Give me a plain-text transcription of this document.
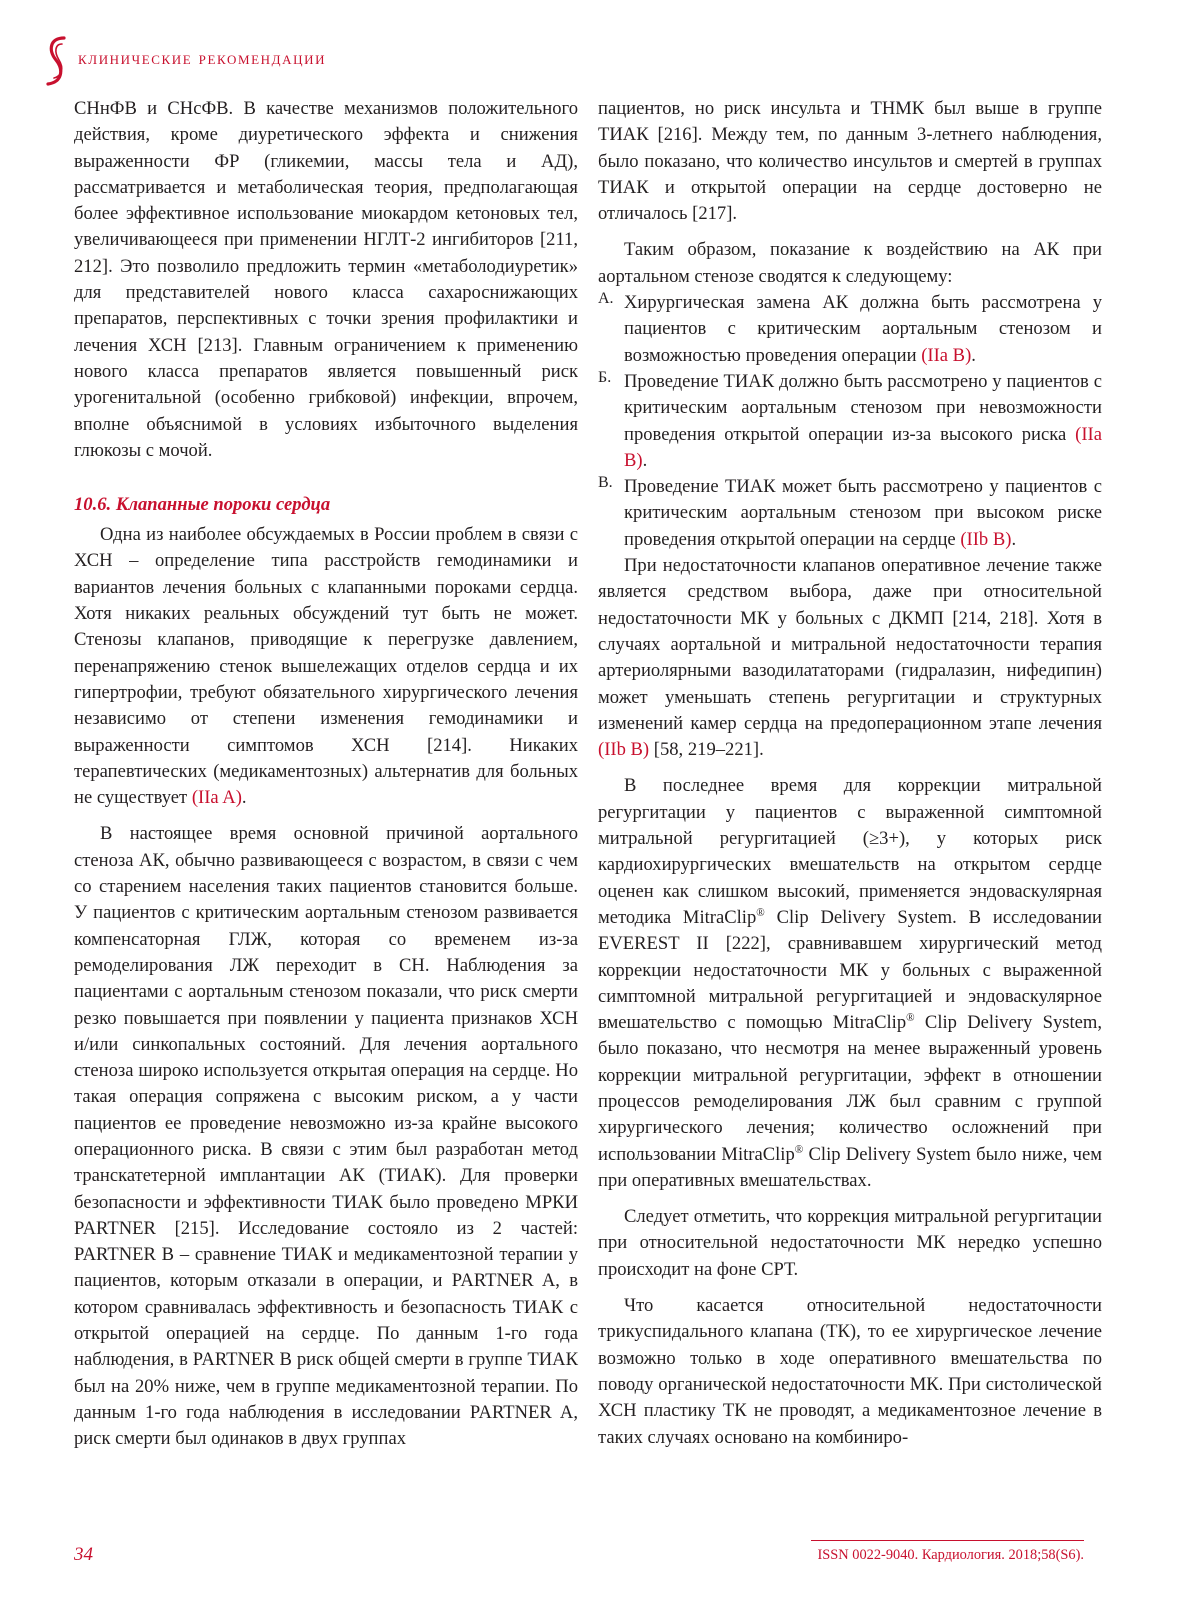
клинические рекомендации

СНнФВ и СНсФВ. В качестве механизмов положительного действия, кроме диуретического эффекта и снижения выраженности ФР (гликемии, массы тела и АД), рассматривается и метаболическая теория, предполагающая более эффективное использование миокардом кетоновых тел, увеличивающееся при применении НГЛТ-2 ингибиторов [211, 212]. Это позволило предложить термин «метаболодиуретик» для представителей нового класса сахароснижающих препаратов, перспективных с точки зрения профилактики и лечения ХСН [213]. Главным ограничением к применению нового класса препаратов является повышенный риск урогенитальной (особенно грибковой) инфекции, впрочем, вполне объяснимой в условиях избыточного выделения глюкозы с мочой.

10.6. Клапанные пороки сердца

Одна из наиболее обсуждаемых в России проблем в связи с ХСН – определение типа расстройств гемодинамики и вариантов лечения больных с клапанными пороками сердца. Хотя никаких реальных обсуждений тут быть не может. Стенозы клапанов, приводящие к перегрузке давлением, перенапряжению стенок вышележащих отделов сердца и их гипертрофии, требуют обязательного хирургического лечения независимо от степени изменения гемодинамики и выраженности симптомов ХСН [214]. Никаких терапевтических (медикаментозных) альтернатив для больных не существует (IIa A).

В настоящее время основной причиной аортального стеноза АК, обычно развивающееся с возрастом, в связи с чем со старением населения таких пациентов становится больше. У пациентов с критическим аортальным стенозом развивается компенсаторная ГЛЖ, которая со временем из-за ремоделирования ЛЖ переходит в СН. Наблюдения за пациентами с аортальным стенозом показали, что риск смерти резко повышается при появлении у пациента признаков ХСН и/или синкопальных состояний. Для лечения аортального стеноза широко используется открытая операция на сердце. Но такая операция сопряжена с высоким риском, а у части пациентов ее проведение невозможно из-за крайне высокого операционного риска. В связи с этим был разработан метод транскатетерной имплантации АК (ТИАК). Для проверки безопасности и эффективности ТИАК было проведено МРКИ PARTNER [215]. Исследование состояло из 2 частей: PARTNER B – сравнение ТИАК и медикаментозной терапии у пациентов, которым отказали в операции, и PARTNER A, в котором сравнивалась эффективность и безопасность ТИАК с открытой операцией на сердце. По данным 1-го года наблюдения, в PARTNER B риск общей смерти в группе ТИАК был на 20% ниже, чем в группе медикаментозной терапии. По данным 1-го года наблюдения в исследовании PARTNER A, риск смерти был одинаков в двух группах

пациентов, но риск инсульта и ТНМК был выше в группе ТИАК [216]. Между тем, по данным 3-летнего наблюдения, было показано, что количество инсультов и смертей в группах ТИАК и открытой операции на сердце достоверно не отличалось [217].

Таким образом, показание к воздействию на АК при аортальном стенозе сводятся к следующему:

А. Хирургическая замена АК должна быть рассмотрена у пациентов с критическим аортальным стенозом и возможностью проведения операции (IIa B).

Б. Проведение ТИАК должно быть рассмотрено у пациентов с критическим аортальным стенозом при невозможности проведения открытой операции из-за высокого риска (IIa B).

В. Проведение ТИАК может быть рассмотрено у пациентов с критическим аортальным стенозом при высоком риске проведения открытой операции на сердце (IIb B).

При недостаточности клапанов оперативное лечение также является средством выбора, даже при относительной недостаточности МК у больных с ДКМП [214, 218]. Хотя в случаях аортальной и митральной недостаточности терапия артериолярными вазодилататорами (гидралазин, нифедипин) может уменьшать степень регургитации и структурных изменений камер сердца на предоперационном этапе лечения (IIb B) [58, 219–221].

В последнее время для коррекции митральной регургитации у пациентов с выраженной симптомной митральной регургитацией (≥3+), у которых риск кардиохирургических вмешательств на открытом сердце оценен как слишком высокий, применяется эндоваскулярная методика MitraClip® Clip Delivery System. В исследовании EVEREST II [222], сравнивавшем хирургический метод коррекции недостаточности МК у больных с выраженной симптомной митральной регургитацией и эндоваскулярное вмешательство с помощью MitraClip® Clip Delivery System, было показано, что несмотря на менее выраженный уровень коррекции митральной регургитации, эффект в отношении процессов ремоделирования ЛЖ был сравним с группой хирургического лечения; количество осложнений при использовании MitraClip® Clip Delivery System было ниже, чем при оперативных вмешательствах.

Следует отметить, что коррекция митральной регургитации при относительной недостаточности МК нередко успешно происходит на фоне СРТ.

Что касается относительной недостаточности трикуспидального клапана (ТК), то ее хирургическое лечение возможно только в ходе оперативного вмешательства по поводу органической недостаточности МК. При систолической ХСН пластику ТК не проводят, а медикаментозное лечение в таких случаях основано на комбиниро-

34	ISSN 0022-9040. Кардиология. 2018;58(S6).
